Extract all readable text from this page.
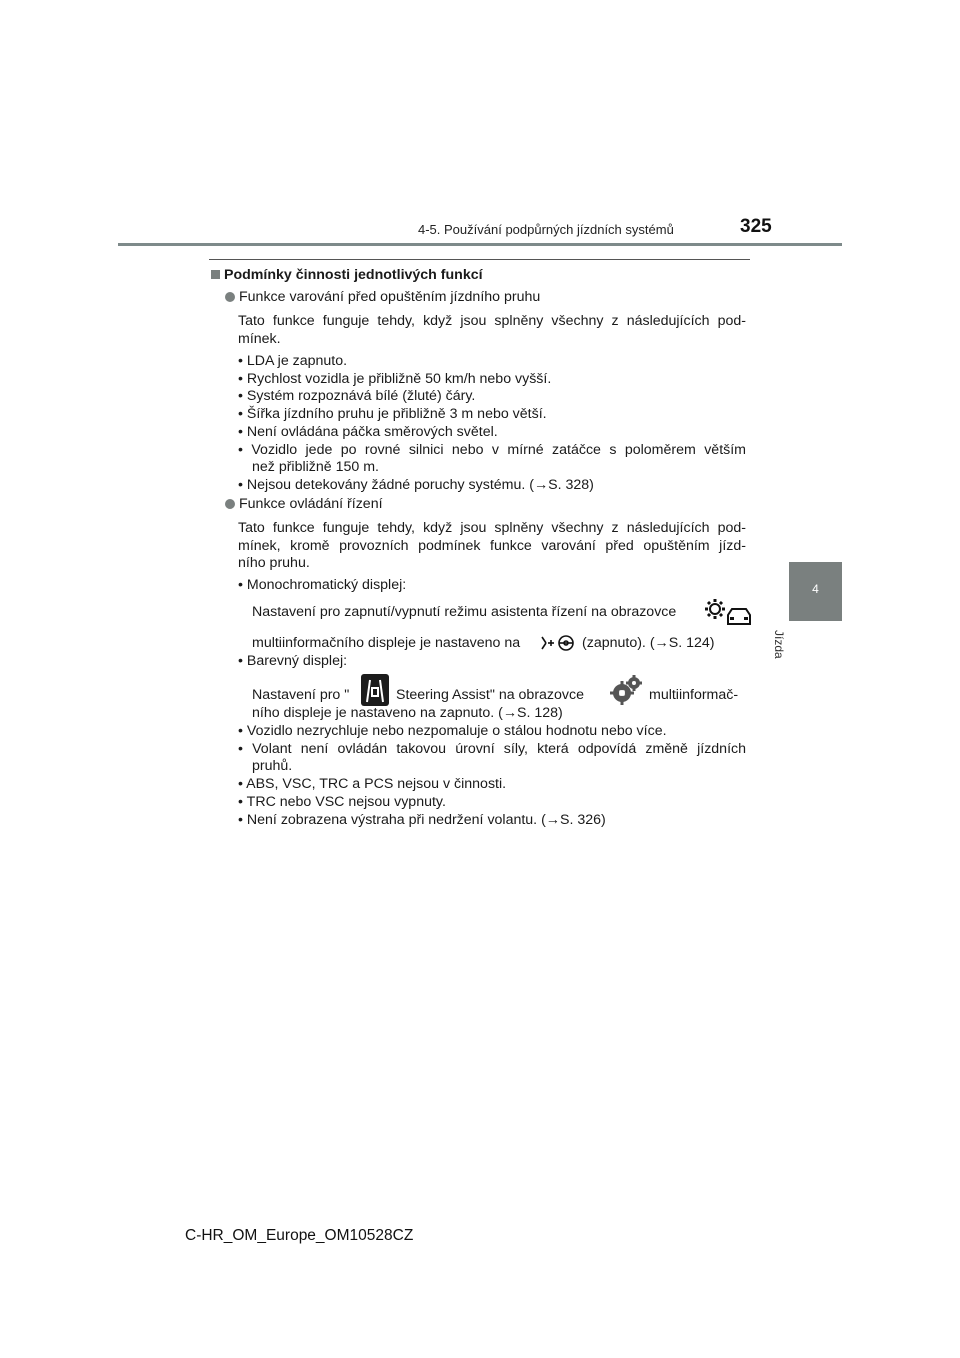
4-5. Používání podpůrných jízdních systémů	325
4
Jízda
Podmínky činnosti jednotlivých funkcí
Funkce varování před opuštěním jízdního pruhu
Tato funkce funguje tehdy, když jsou splněny všechny z následujících pod-
mínek.
• LDA je zapnuto.
• Rychlost vozidla je přibližně 50 km/h nebo vyšší.
• Systém rozpoznává bílé (žluté) čáry.
• Šířka jízdního pruhu je přibližně 3 m nebo větší.
• Není ovládána páčka směrových světel.
• Vozidlo jede po rovné silnici nebo v mírné zatáčce s poloměrem větším
než přibližně 150 m.
• Nejsou detekovány žádné poruchy systému. (→S. 328)
Funkce ovládání řízení
Tato funkce funguje tehdy, když jsou splněny všechny z následujících pod-
mínek, kromě provozních podmínek funkce varování před opuštěním jízd-
ního pruhu.
• Monochromatický displej:
Nastavení pro zapnutí/vypnutí režimu asistenta řízení na obrazovce
multiinformačního displeje je nastaveno na	(zapnuto). (→S. 124)
• Barevný displej:
Nastavení pro "	Steering Assist" na obrazovce	multiinformač-
ního displeje je nastaveno na zapnuto. (→S. 128)
• Vozidlo nezrychluje nebo nezpomaluje o stálou hodnotu nebo více.
• Volant není ovládán takovou úrovní síly, která odpovídá změně jízdních
pruhů.
• ABS, VSC, TRC a PCS nejsou v činnosti.
• TRC nebo VSC nejsou vypnuty.
• Není zobrazena výstraha při nedržení volantu. (→S. 326)
C-HR_OM_Europe_OM10528CZ
